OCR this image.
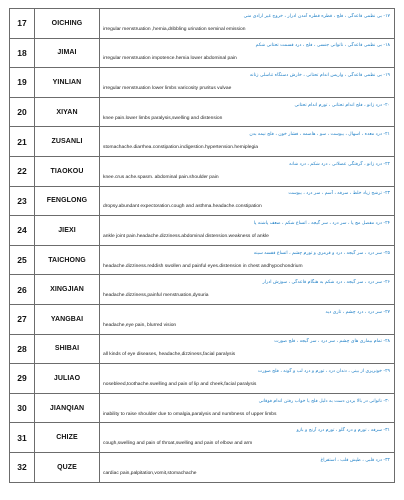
17	OICHING	۱۷- بی نظمی قاعدگی ، فلج ، قطره قطره آمدن ادرار ، خروج غیر ارادی منی
irregular menstruation ,hemia,dribbling urination seminal emission

18	JIMAI	۱۸- بی نظمی قاعدگی ، ناتوانی جنسی ، فلج ، درد قسمت تحتانی شکم
irregular menstruation impotence.hemia lower abdominal pain

19	YINLIAN	۱۹- بی نظمی قاعدگی ، واریس اندام تحتانی ، خارش دستگاه تناسلی زنانه
irregular menstruation lower limbs varicosity pruritus vulvae

20	XIYAN	۲۰- درد زانو ، فلج اندام تحتانی ، تورم اندام تحتانی
knee pain.lower limbs paralysis,swelling and distension

21	ZUSANLI	۲۱- درد معده ، اسهال ، یبوست ، سو ، هاضمه ، فشار خون ، فلج نیمه بدن
stomachache.diarrhea.constipation.indigestion.hypertension.hemiplegia

22	TIAOKOU	۲۲- درد زانو ، گرفتگی عضلانی ، درد شکم ، درد شانه
knee.crus ache.spasm. abdominal pain.shoulder pain

23	FENGLONG	۲۳- ترشح زیاد خلط ، سرفه ، آسم ، سر درد ، یبوست
dropsy.abundant expectoration.cough and asthma.headache.constipation

24	JIEXI	۲۴- درد مفصل مچ پا ، سر درد ، سر گیجه ، اتساع شکم ، ضعف پاشنه پا
ankle joint pain.headache.dizziness.abdominal distension.weakness of ankle

25	TAICHONG	۲۵- سر درد ، سر گیجه ، درد و قرمزی و تورم چشم ، اتساع قفسه سینه
headache.dizziness.reddish swollen and painful eyes.distension in chest andhypochondrium

26	XINGJIAN	۲۶- سر درد ، سر گیجه ، درد شکم به هنگام قاعدگی ، سوزش ادرار
headache.dizziness,painful menstruation,dysuria

27	YANGBAI	۲۷- سر درد ، درد چشم ، تاری دید
headache,eye pain, blurred vision

28	SHIBAI	۲۸- تمام بیماری های چشم ، سر درد ، سر گیجه ، فلج صورت
all kinds of eye diseases, headache,dizziness,facial paralysis

29	JULIAO	۲۹- خونریزی از بینی ، دندان درد ، تورم و درد لب و گونه ، فلج صورت
nosebleed,toothache.swelling and pain of lip and cheek,facial paralysis

30	JIANQIAN	۳۰- ناتوانی در بالا بردن دست به دلیل فلج یا خواب رفتن اندام فوقانی
inability to raise shoulder due to omalgia,paralysis and numbness of upper limbs

31	CHIZE	۳۱- سرفه ، تورم و درد گلو ، تورم درد آرنج و بازو
cough,swelling and pain of throat,swelling and pain of elbow and arm

32	QUZE	۳۲- درد قلبی ، طپش قلب ، استفراغ
cardiac pain,palpitation,vomit,stomachache
